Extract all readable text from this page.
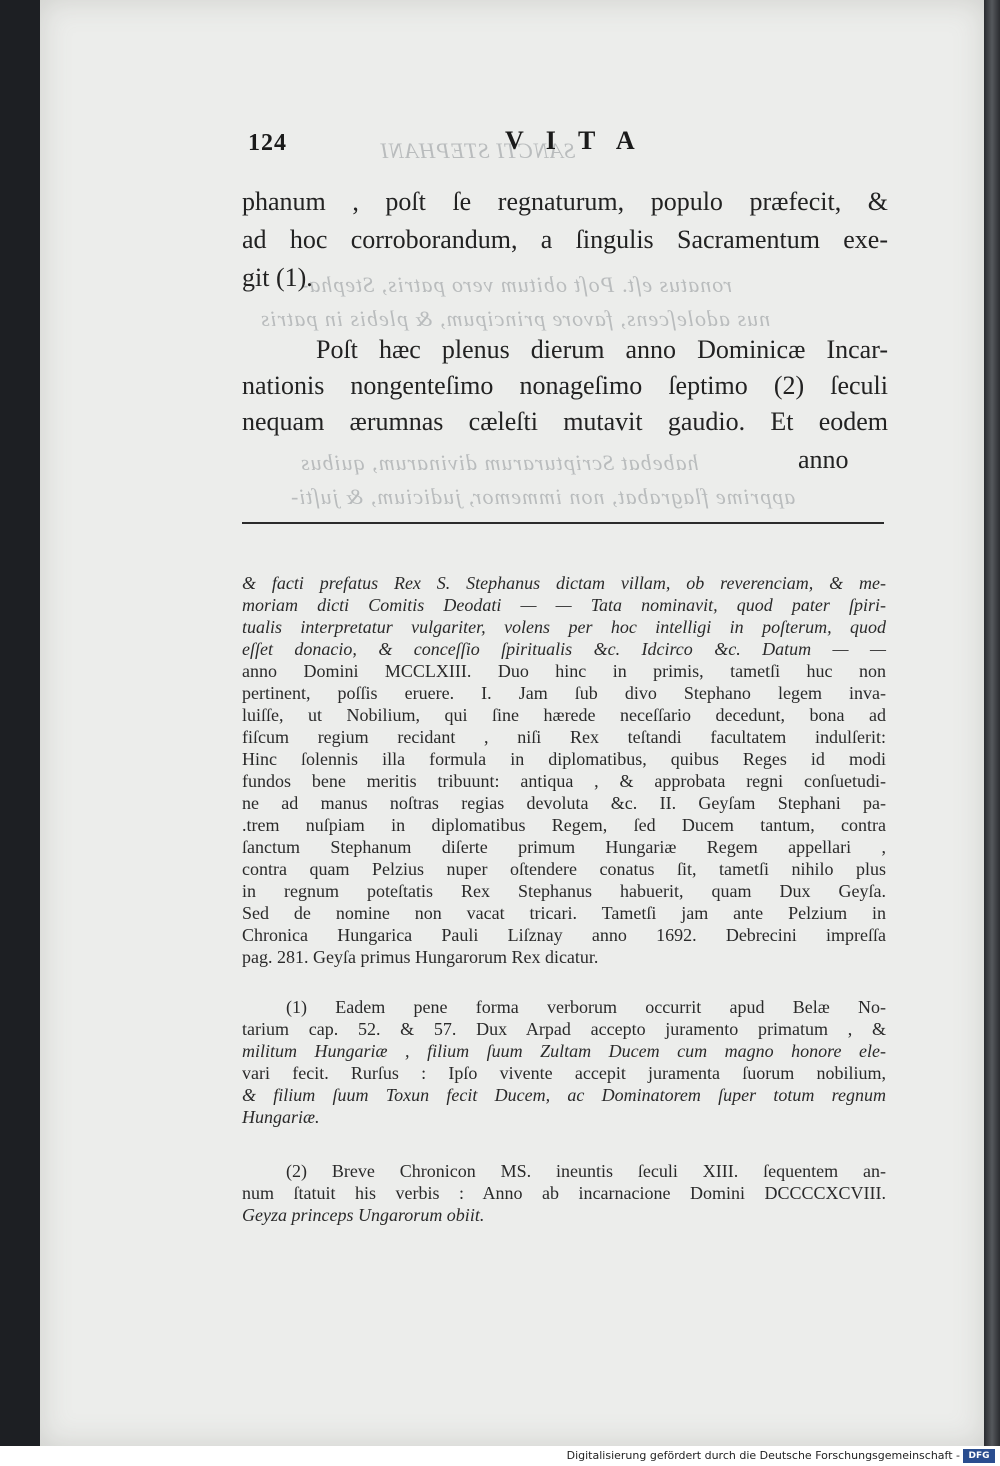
SANCTI STEPHANI
ronatus eſt. Poſt obitum vero patris, Stepha-
nus adoleſcens, favore principum, & plebis in patris
habebat Scripturarum divinarum, quibus
apprime flagrabat, non immemor, judicium, & juſti-
124	V I T A
phanum , poſt ſe regnaturum, populo præfecit, &
ad hoc corroborandum, a ſingulis Sacramentum exe-
git (1).
Poſt hæc plenus dierum anno Dominicæ Incar-
nationis nongenteſimo nonageſimo ſeptimo (2) ſeculi
nequam ærumnas cæleſti mutavit gaudio. Et eodem
anno
& facti prefatus Rex S. Stephanus dictam villam, ob reverenciam, & me-
moriam dicti Comitis Deodati — — Tata nominavit, quod pater ſpiri-
tualis interpretatur vulgariter, volens per hoc intelligi in poſterum, quod
eſſet donacio, & conceſſio ſpiritualis &c. Idcirco &c. Datum — —
anno Domini MCCLXIII. Duo hinc in primis, tametſi huc non
pertinent, poſſis eruere. I. Jam ſub divo Stephano legem inva-
luiſſe, ut Nobilium, qui ſine hærede neceſſario decedunt, bona ad
fiſcum regium recidant , niſi Rex teſtandi facultatem indulſerit:
Hinc ſolennis illa formula in diplomatibus, quibus Reges id modi
fundos bene meritis tribuunt: antiqua , & approbata regni conſuetudi-
ne ad manus noſtras regias devoluta &c. II. Geyſam Stephani pa-
.trem nuſpiam in diplomatibus Regem, ſed Ducem tantum, contra
ſanctum Stephanum diſerte primum Hungariæ Regem appellari ,
contra quam Pelzius nuper oſtendere conatus ſit, tametſi nihilo plus
in regnum poteſtatis Rex Stephanus habuerit, quam Dux Geyſa.
Sed de nomine non vacat tricari. Tametſi jam ante Pelzium in
Chronica Hungarica Pauli Liſznay anno 1692. Debrecini impreſſa
pag. 281. Geyſa primus Hungarorum Rex dicatur.
(1) Eadem pene forma verborum occurrit apud Belæ No-
tarium cap. 52. & 57. Dux Arpad accepto juramento primatum , &
militum Hungariæ , filium ſuum Zultam Ducem cum magno honore ele-
vari fecit. Rurſus : Ipſo vivente accepit juramenta ſuorum nobilium,
& filium ſuum Toxun fecit Ducem, ac Dominatorem ſuper totum regnum
Hungariæ.
(2) Breve Chronicon MS. ineuntis ſeculi XIII. ſequentem an-
num ſtatuit his verbis : Anno ab incarnacione Domini DCCCCXCVIII.
Geyza princeps Ungarorum obiit.
Digitalisierung gefördert durch die Deutsche Forschungsgemeinschaft - DFG
